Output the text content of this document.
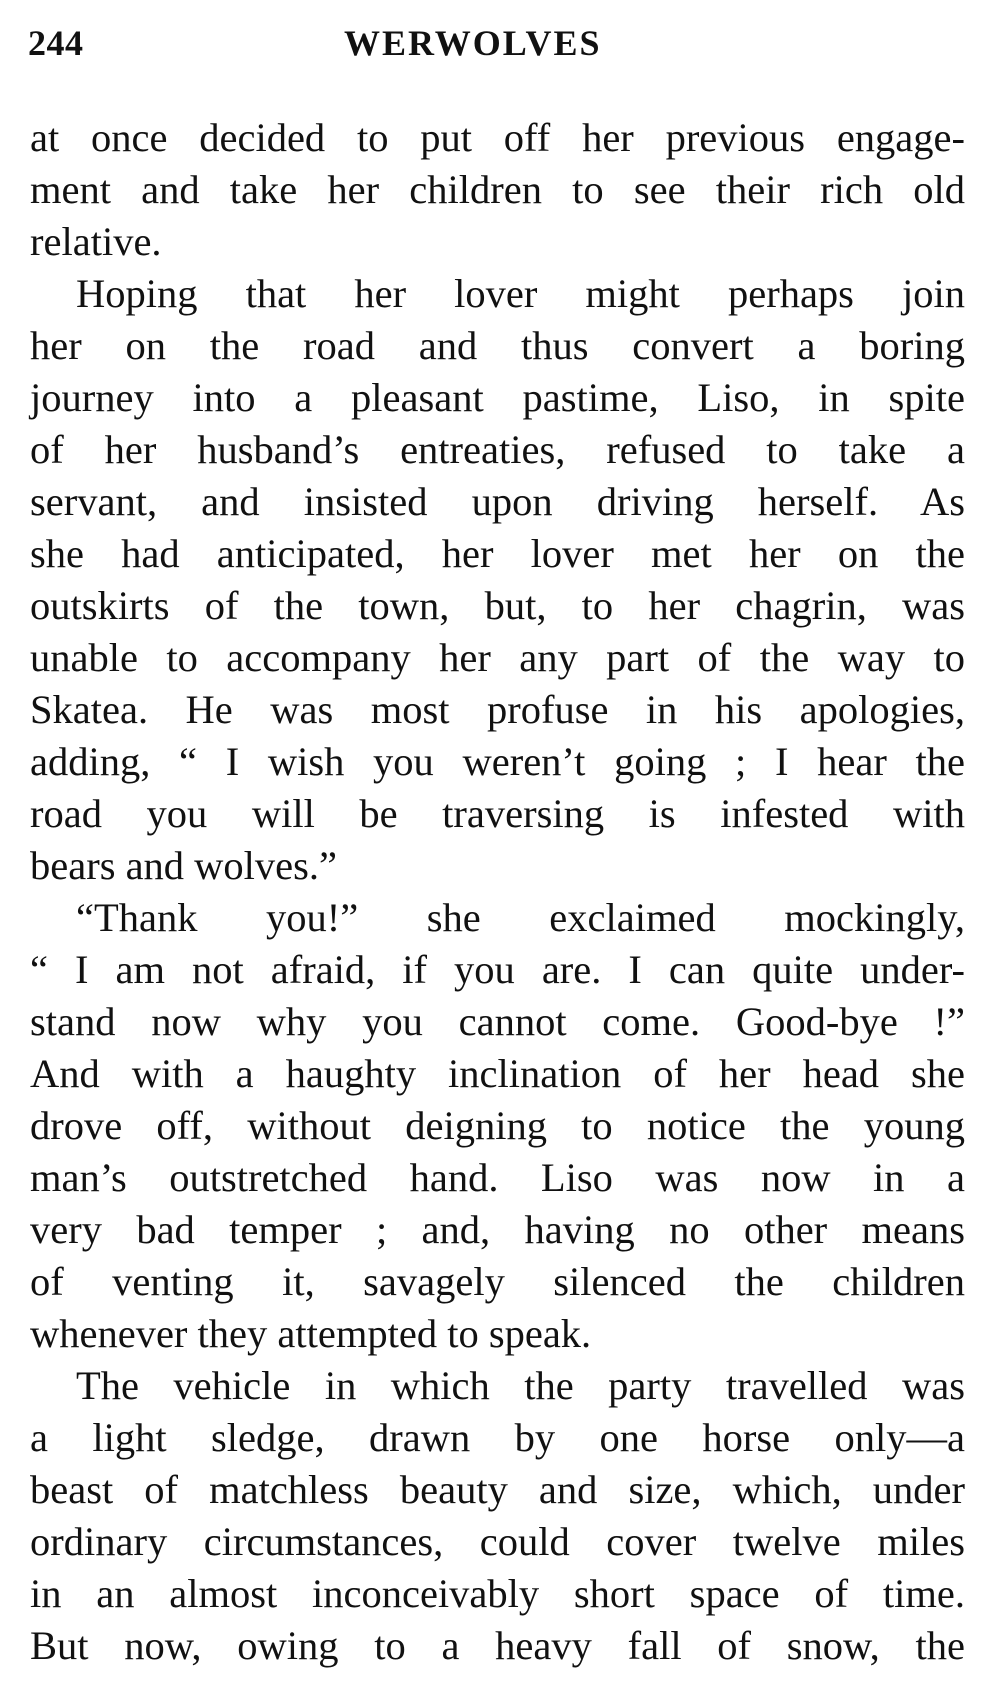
244	WERWOLVES
at once decided to put off her previous engage-
ment and take her children to see their rich old
relative.
Hoping that her lover might perhaps join
her on the road and thus convert a boring
journey into a pleasant pastime, Liso, in spite
of her husband’s entreaties, refused to take a
servant, and insisted upon driving herself. As
she had anticipated, her lover met her on the
outskirts of the town, but, to her chagrin, was
unable to accompany her any part of the way to
Skatea. He was most profuse in his apologies,
adding, “ I wish you weren’t going ; I hear the
road you will be traversing is infested with
bears and wolves.”
“Thank you!” she exclaimed mockingly,
“ I am not afraid, if you are. I can quite under-
stand now why you cannot come. Good-bye !”
And with a haughty inclination of her head she
drove off, without deigning to notice the young
man’s outstretched hand. Liso was now in a
very bad temper ; and, having no other means
of venting it, savagely silenced the children
whenever they attempted to speak.
The vehicle in which the party travelled was
a light sledge, drawn by one horse only—a
beast of matchless beauty and size, which, under
ordinary circumstances, could cover twelve miles
in an almost inconceivably short space of time.
But now, owing to a heavy fall of snow, the
